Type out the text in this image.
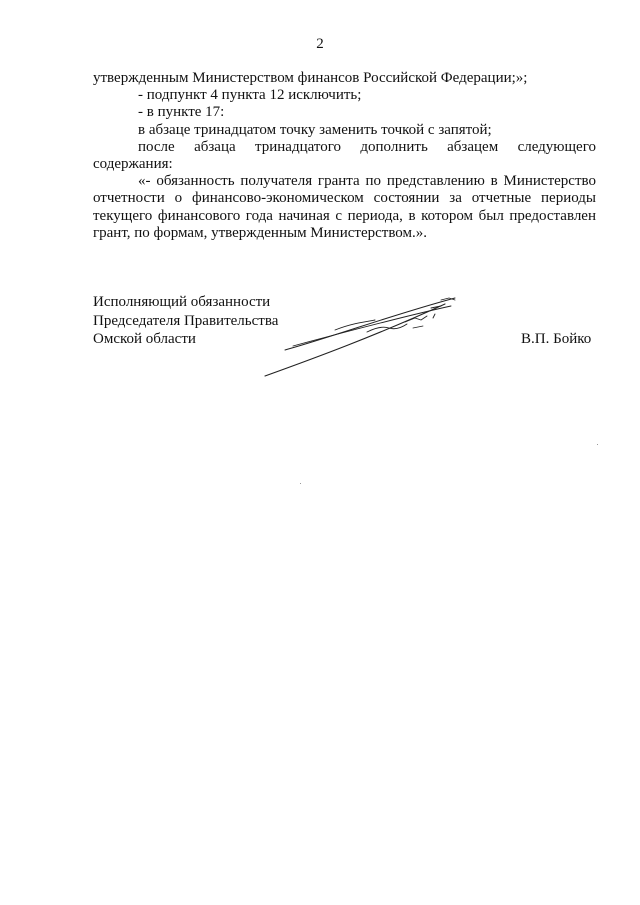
2

утвержденным Министерством финансов Российской Федерации;»;

- подпункт 4 пункта 12 исключить;

- в пункте 17:

в абзаце тринадцатом точку заменить точкой с запятой;

после абзаца тринадцатого дополнить абзацем следующего содержания:

«- обязанность получателя гранта по представлению в Министерство отчетности о финансово-экономическом состоянии за отчетные периоды текущего финансового года начиная с периода, в котором был предоставлен грант, по формам, утвержденным Министерством.».

Исполняющий обязанности

Председателя Правительства

Омской области	В.П. Бойко
